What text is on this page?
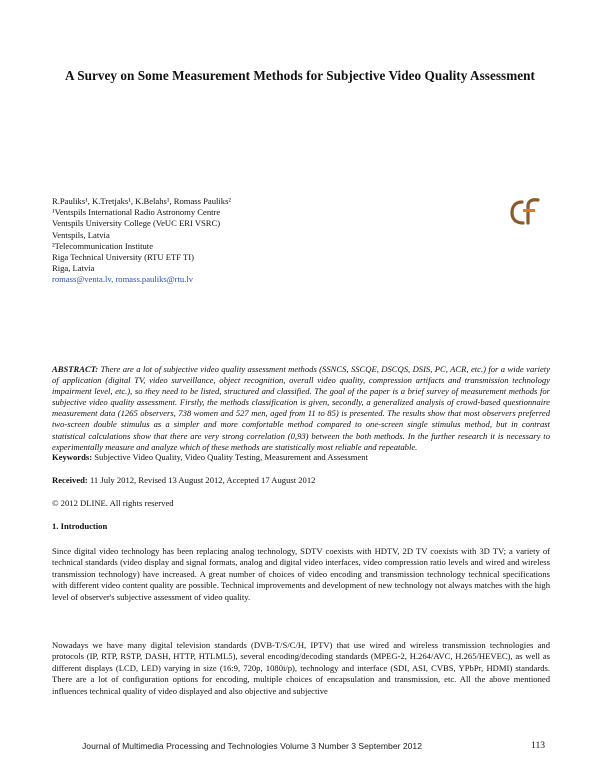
A Survey on Some Measurement Methods for Subjective Video Quality Assessment
R.Pauliks¹, K.Tretjaks¹, K.Belahs¹, Romass Pauliks²
¹Ventspils International Radio Astronomy Centre
Ventspils University College (VeUC ERI VSRC)
Ventspils, Latvia
²Telecommunication Institute
Riga Technical University (RTU ETF TI)
Riga, Latvia
romass@venta.lv, romass.pauliks@rtu.lv
ABSTRACT: There are a lot of subjective video quality assessment methods (SSNCS, SSCQE, DSCQS, DSIS, PC, ACR, etc.) for a wide variety of application (digital TV, video surveillance, object recognition, overall video quality, compression artifacts and transmission technology impairment level, etc.), so they need to be listed, structured and classified. The goal of the paper is a brief survey of measurement methods for subjective video quality assessment. Firstly, the methods classification is given, secondly, a generalized analysis of crowd-based questionnaire measurement data (1265 observers, 738 women and 527 men, aged from 11 to 85) is presented. The results show that most observers preferred two-screen double stimulus as a simpler and more comfortable method compared to one-screen single stimulus method, but in contrast statistical calculations show that there are very strong correlation (0,93) between the both methods. In the further research it is necessary to experimentally measure and analyze which of these methods are statistically most reliable and repeatable.
Keywords: Subjective Video Quality, Video Quality Testing, Measurement and Assessment
Received: 11 July 2012, Revised 13 August 2012, Accepted 17 August 2012
© 2012 DLINE. All rights reserved
1. Introduction
Since digital video technology has been replacing analog technology, SDTV coexists with HDTV, 2D TV coexists with 3D TV; a variety of technical standards (video display and signal formats, analog and digital video interfaces, video compression ratio levels and wired and wireless transmission technology) have increased. A great number of choices of video encoding and transmission technology technical specifications with different video content quality are possible. Technical improvements and development of new technology not always matches with the high level of observer's subjective assessment of video quality.
Nowadays we have many digital television standards (DVB-T/S/C/H, IPTV) that use wired and wireless transmission technologies and protocols (IP, RTP, RSTP, DASH, HTTP, HTLML5), several encoding/decoding standards (MPEG-2, H.264/AVC, H.265/HEVEC), as well as different displays (LCD, LED) varying in size (16:9, 720p, 1080i/p), technology and interface (SDI, ASI, CVBS, YPbPr, HDMI) standards. There are a lot of configuration options for encoding, multiple choices of encapsulation and transmission, etc. All the above mentioned influences technical quality of video displayed and also objective and subjective
Journal of Multimedia Processing and Technologies Volume 3 Number 3 September 2012	113
